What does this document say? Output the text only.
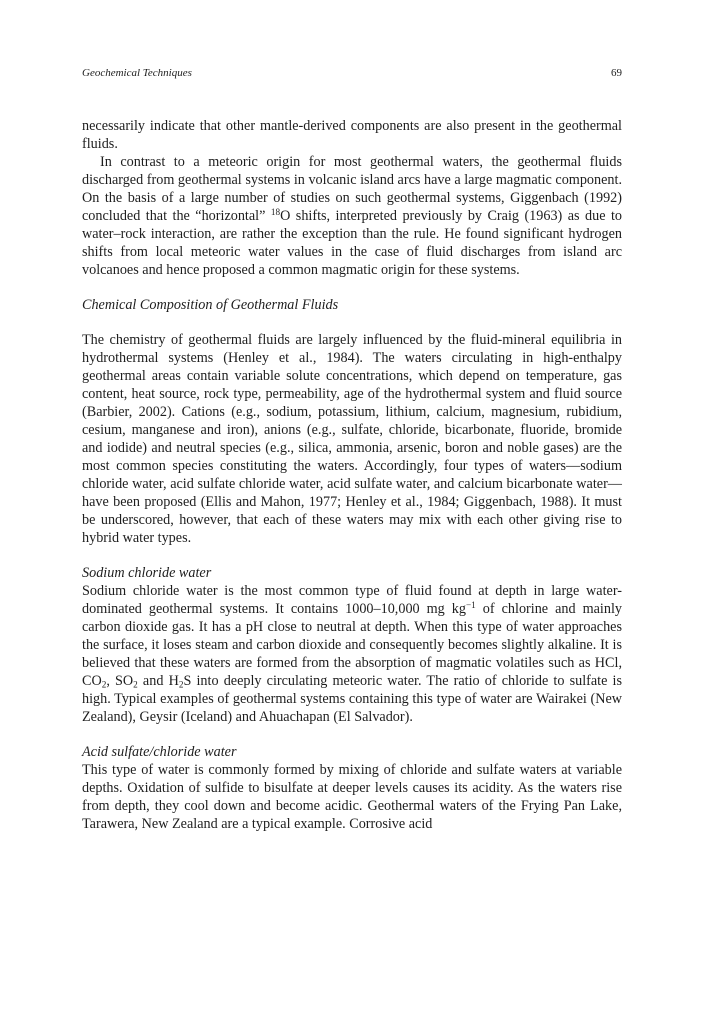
Geochemical Techniques	69

necessarily indicate that other mantle-derived components are also present in the geothermal fluids.

In contrast to a meteoric origin for most geothermal waters, the geothermal fluids discharged from geothermal systems in volcanic island arcs have a large magmatic component. On the basis of a large number of studies on such geothermal systems, Giggenbach (1992) concluded that the “horizontal” $^{18}$O shifts, interpreted previously by Craig (1963) as due to water–rock interaction, are rather the exception than the rule. He found significant hydrogen shifts from local meteoric water values in the case of fluid discharges from island arc volcanoes and hence proposed a common magmatic origin for these systems.

Chemical Composition of Geothermal Fluids

The chemistry of geothermal fluids are largely influenced by the fluid-mineral equilibria in hydrothermal systems (Henley et al., 1984). The waters circulating in high-enthalpy geothermal areas contain variable solute concentrations, which depend on temperature, gas content, heat source, rock type, permeability, age of the hydrothermal system and fluid source (Barbier, 2002). Cations (e.g., sodium, potassium, lithium, calcium, magnesium, rubidium, cesium, manganese and iron), anions (e.g., sulfate, chloride, bicarbonate, fluoride, bromide and iodide) and neutral species (e.g., silica, ammonia, arsenic, boron and noble gases) are the most common species constituting the waters. Accordingly, four types of waters—sodium chloride water, acid sulfate chloride water, acid sulfate water, and calcium bicarbonate water—have been proposed (Ellis and Mahon, 1977; Henley et al., 1984; Giggenbach, 1988). It must be underscored, however, that each of these waters may mix with each other giving rise to hybrid water types.

Sodium chloride water

Sodium chloride water is the most common type of fluid found at depth in large water-dominated geothermal systems. It contains 1000–10,000 mg $kg^{-1}$ of chlorine and mainly carbon dioxide gas. It has a pH close to neutral at depth. When this type of water approaches the surface, it loses steam and carbon dioxide and consequently becomes slightly alkaline. It is believed that these waters are formed from the absorption of magmatic volatiles such as HCl, $CO_2$, $SO_2$ and $H_2S$ into deeply circulating meteoric water. The ratio of chloride to sulfate is high. Typical examples of geothermal systems containing this type of water are Wairakei (New Zealand), Geysir (Iceland) and Ahuachapan (El Salvador).

Acid sulfate/chloride water

This type of water is commonly formed by mixing of chloride and sulfate waters at variable depths. Oxidation of sulfide to bisulfate at deeper levels causes its acidity. As the waters rise from depth, they cool down and become acidic. Geothermal waters of the Frying Pan Lake, Tarawera, New Zealand are a typical example. Corrosive acid
